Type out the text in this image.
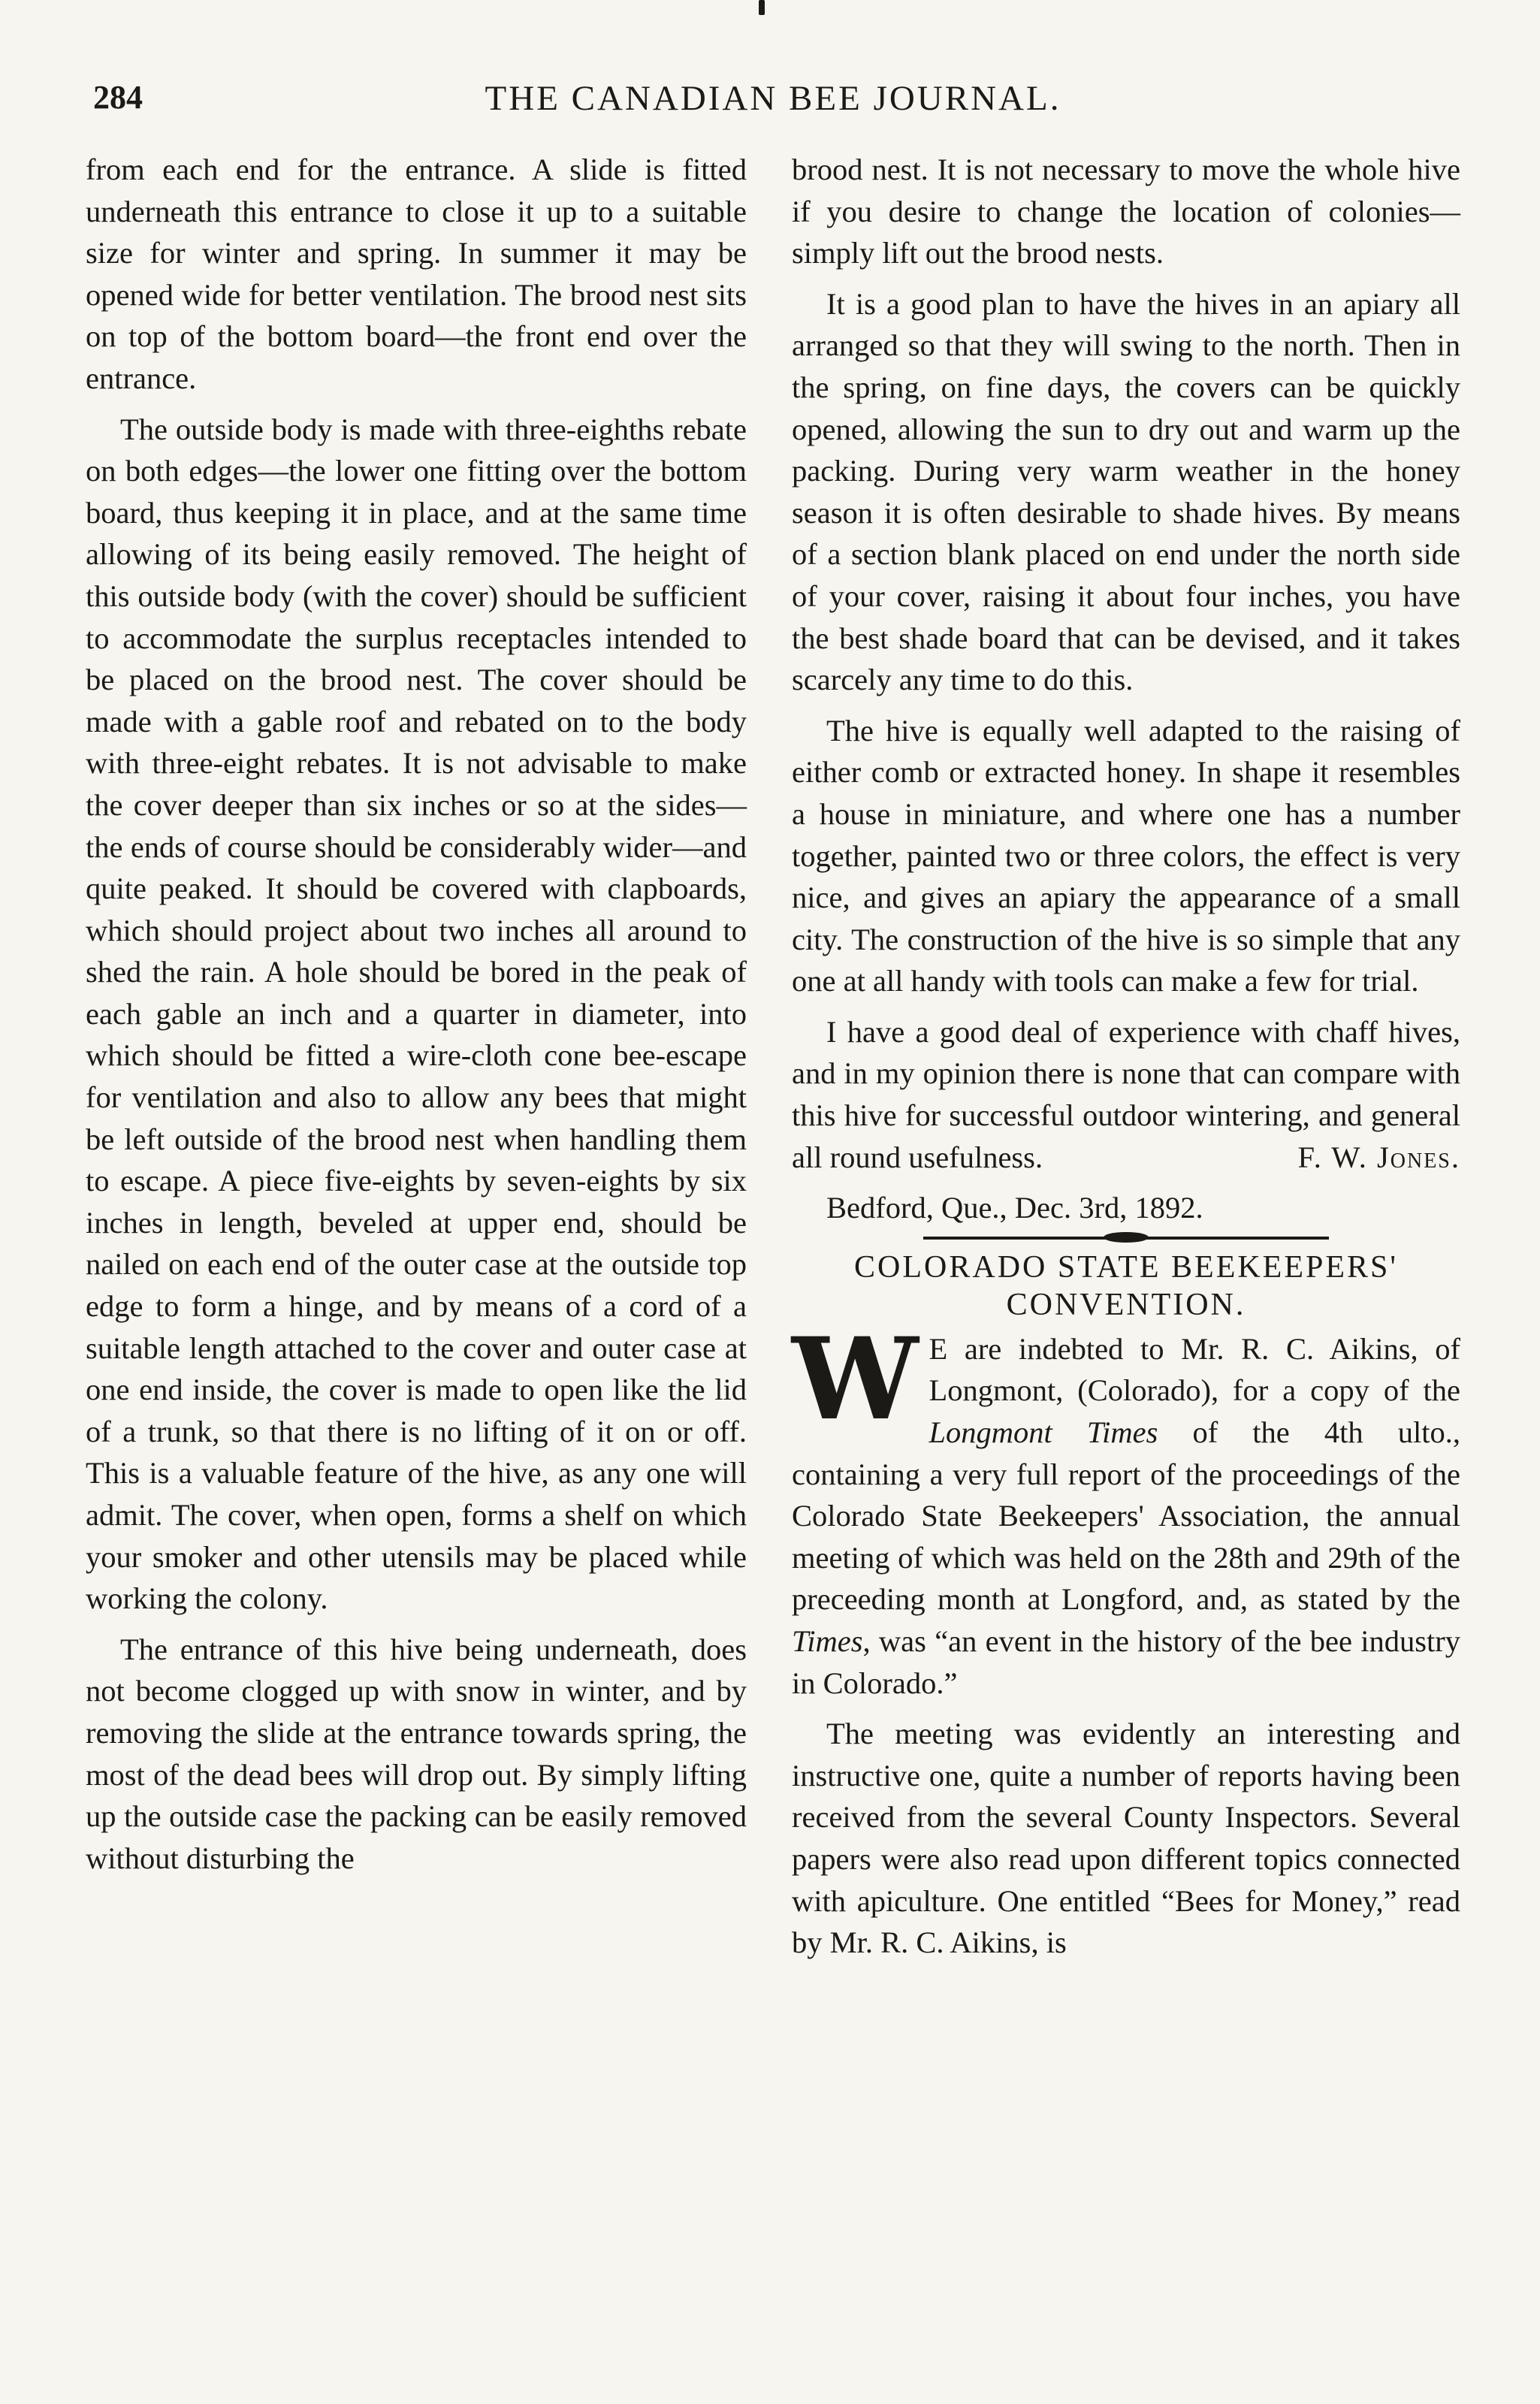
284	THE CANADIAN BEE JOURNAL.

from each end for the entrance. A slide is fitted underneath this entrance to close it up to a suitable size for winter and spring. In summer it may be opened wide for better ventilation. The brood nest sits on top of the bottom board—the front end over the entrance.

The outside body is made with three-eighths rebate on both edges—the lower one fitting over the bottom board, thus keeping it in place, and at the same time allowing of its being easily removed. The height of this outside body (with the cover) should be sufficient to accommodate the surplus receptacles intended to be placed on the brood nest. The cover should be made with a gable roof and rebated on to the body with three-eight rebates. It is not advisable to make the cover deeper than six inches or so at the sides—the ends of course should be considerably wider—and quite peaked. It should be covered with clapboards, which should project about two inches all around to shed the rain. A hole should be bored in the peak of each gable an inch and a quarter in diameter, into which should be fitted a wire-cloth cone bee-escape for ventilation and also to allow any bees that might be left outside of the brood nest when handling them to escape. A piece five-eights by seven-eights by six inches in length, beveled at upper end, should be nailed on each end of the outer case at the outside top edge to form a hinge, and by means of a cord of a suitable length attached to the cover and outer case at one end inside, the cover is made to open like the lid of a trunk, so that there is no lifting of it on or off. This is a valuable feature of the hive, as any one will admit. The cover, when open, forms a shelf on which your smoker and other utensils may be placed while working the colony.

The entrance of this hive being underneath, does not become clogged up with snow in winter, and by removing the slide at the entrance towards spring, the most of the dead bees will drop out. By simply lifting up the outside case the packing can be easily removed without disturbing the

brood nest. It is not necessary to move the whole hive if you desire to change the location of colonies—simply lift out the brood nests.

It is a good plan to have the hives in an apiary all arranged so that they will swing to the north. Then in the spring, on fine days, the covers can be quickly opened, allowing the sun to dry out and warm up the packing. During very warm weather in the honey season it is often desirable to shade hives. By means of a section blank placed on end under the north side of your cover, raising it about four inches, you have the best shade board that can be devised, and it takes scarcely any time to do this.

The hive is equally well adapted to the raising of either comb or extracted honey. In shape it resembles a house in miniature, and where one has a number together, painted two or three colors, the effect is very nice, and gives an apiary the appearance of a small city. The construction of the hive is so simple that any one at all handy with tools can make a few for trial.

I have a good deal of experience with chaff hives, and in my opinion there is none that can compare with this hive for successful outdoor wintering, and general all round usefulness.	F. W. Jones.

Bedford, Que., Dec. 3rd, 1892.
COLORADO STATE BEEKEEPERS'
CONVENTION.

W E are indebted to Mr. R. C. Aikins, of Longmont, (Colorado), for a copy of the Longmont Times of the 4th ulto., containing a very full report of the proceedings of the Colorado State Beekeepers' Association, the annual meeting of which was held on the 28th and 29th of the preceeding month at Longford, and, as stated by the Times, was “an event in the history of the bee industry in Colorado.”

The meeting was evidently an interesting and instructive one, quite a number of reports having been received from the several County Inspectors. Several papers were also read upon different topics connected with apiculture. One entitled “Bees for Money,” read by Mr. R. C. Aikins, is
